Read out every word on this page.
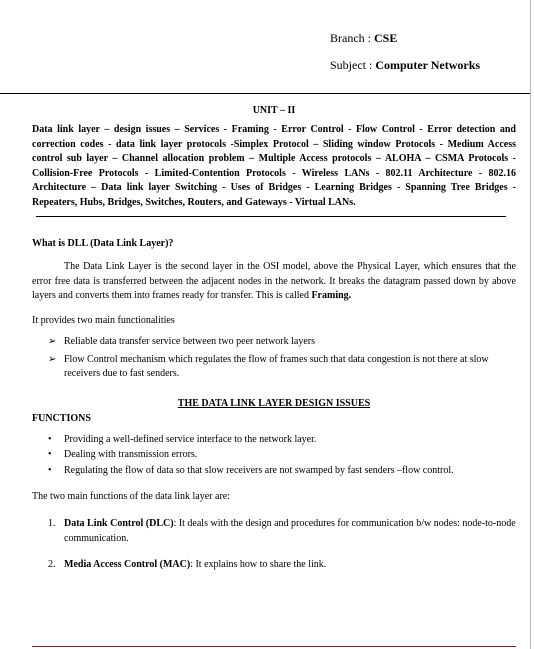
Branch : CSE
Subject : Computer Networks
UNIT – II

Data link layer – design issues – Services - Framing - Error Control - Flow Control - Error detection and correction codes - data link layer protocols -Simplex Protocol – Sliding window Protocols - Medium Access control sub layer – Channel allocation problem – Multiple Access protocols – ALOHA – CSMA Protocols - Collision-Free Protocols - Limited-Contention Protocols - Wireless LANs - 802.11 Architecture - 802.16 Architecture – Data link layer Switching - Uses of Bridges - Learning Bridges - Spanning Tree Bridges - Repeaters, Hubs, Bridges, Switches, Routers, and Gateways - Virtual LANs.

What is DLL (Data Link Layer)?

The Data Link Layer is the second layer in the OSI model, above the Physical Layer, which ensures that the error free data is transferred between the adjacent nodes in the network. It breaks the datagram passed down by above layers and converts them into frames ready for transfer. This is called Framing.

It provides two main functionalities
➢ Reliable data transfer service between two peer network layers
➢ Flow Control mechanism which regulates the flow of frames such that data congestion is not there at slow receivers due to fast senders.
THE DATA LINK LAYER DESIGN ISSUES
FUNCTIONS
• Providing a well-defined service interface to the network layer.
• Dealing with transmission errors.
• Regulating the flow of data so that slow receivers are not swamped by fast senders –flow control.
The two main functions of the data link layer are:
1. Data Link Control (DLC): It deals with the design and procedures for communication b/w nodes: node-to-node communication.
2. Media Access Control (MAC): It explains how to share the link.
